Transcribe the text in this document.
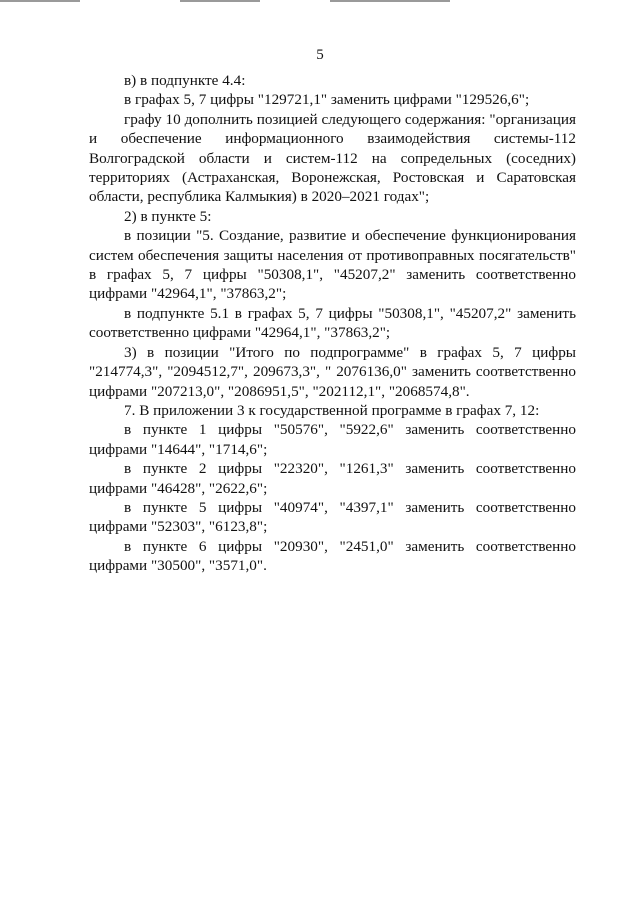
5

в) в подпункте 4.4:

в графах 5, 7 цифры "129721,1" заменить цифрами "129526,6";

графу 10 дополнить позицией следующего содержания: "организация и обеспечение информационного взаимодействия системы-112 Волгоградской области и систем-112 на сопредельных (соседних) территориях (Астраханская, Воронежская, Ростовская и Саратовская области, республика Калмыкия) в 2020–2021 годах";

2) в пункте 5:

в позиции "5. Создание, развитие и обеспечение функционирования систем обеспечения защиты населения от противоправных посягательств" в графах 5, 7 цифры "50308,1", "45207,2" заменить соответственно цифрами "42964,1", "37863,2";

в подпункте 5.1 в графах 5, 7 цифры "50308,1", "45207,2" заменить соответственно цифрами "42964,1", "37863,2";

3) в позиции "Итого по подпрограмме" в графах 5, 7 цифры "214774,3", "2094512,7", 209673,3", " 2076136,0" заменить соответственно цифрами "207213,0", "2086951,5", "202112,1", "2068574,8".

7. В приложении 3 к государственной программе в графах 7, 12:

в пункте 1 цифры "50576", "5922,6" заменить соответственно цифрами "14644", "1714,6";

в пункте 2 цифры "22320", "1261,3" заменить соответственно цифрами "46428", "2622,6";

в пункте 5 цифры "40974", "4397,1" заменить соответственно цифрами "52303", "6123,8";

в пункте 6 цифры "20930", "2451,0" заменить соответственно цифрами "30500", "3571,0".
